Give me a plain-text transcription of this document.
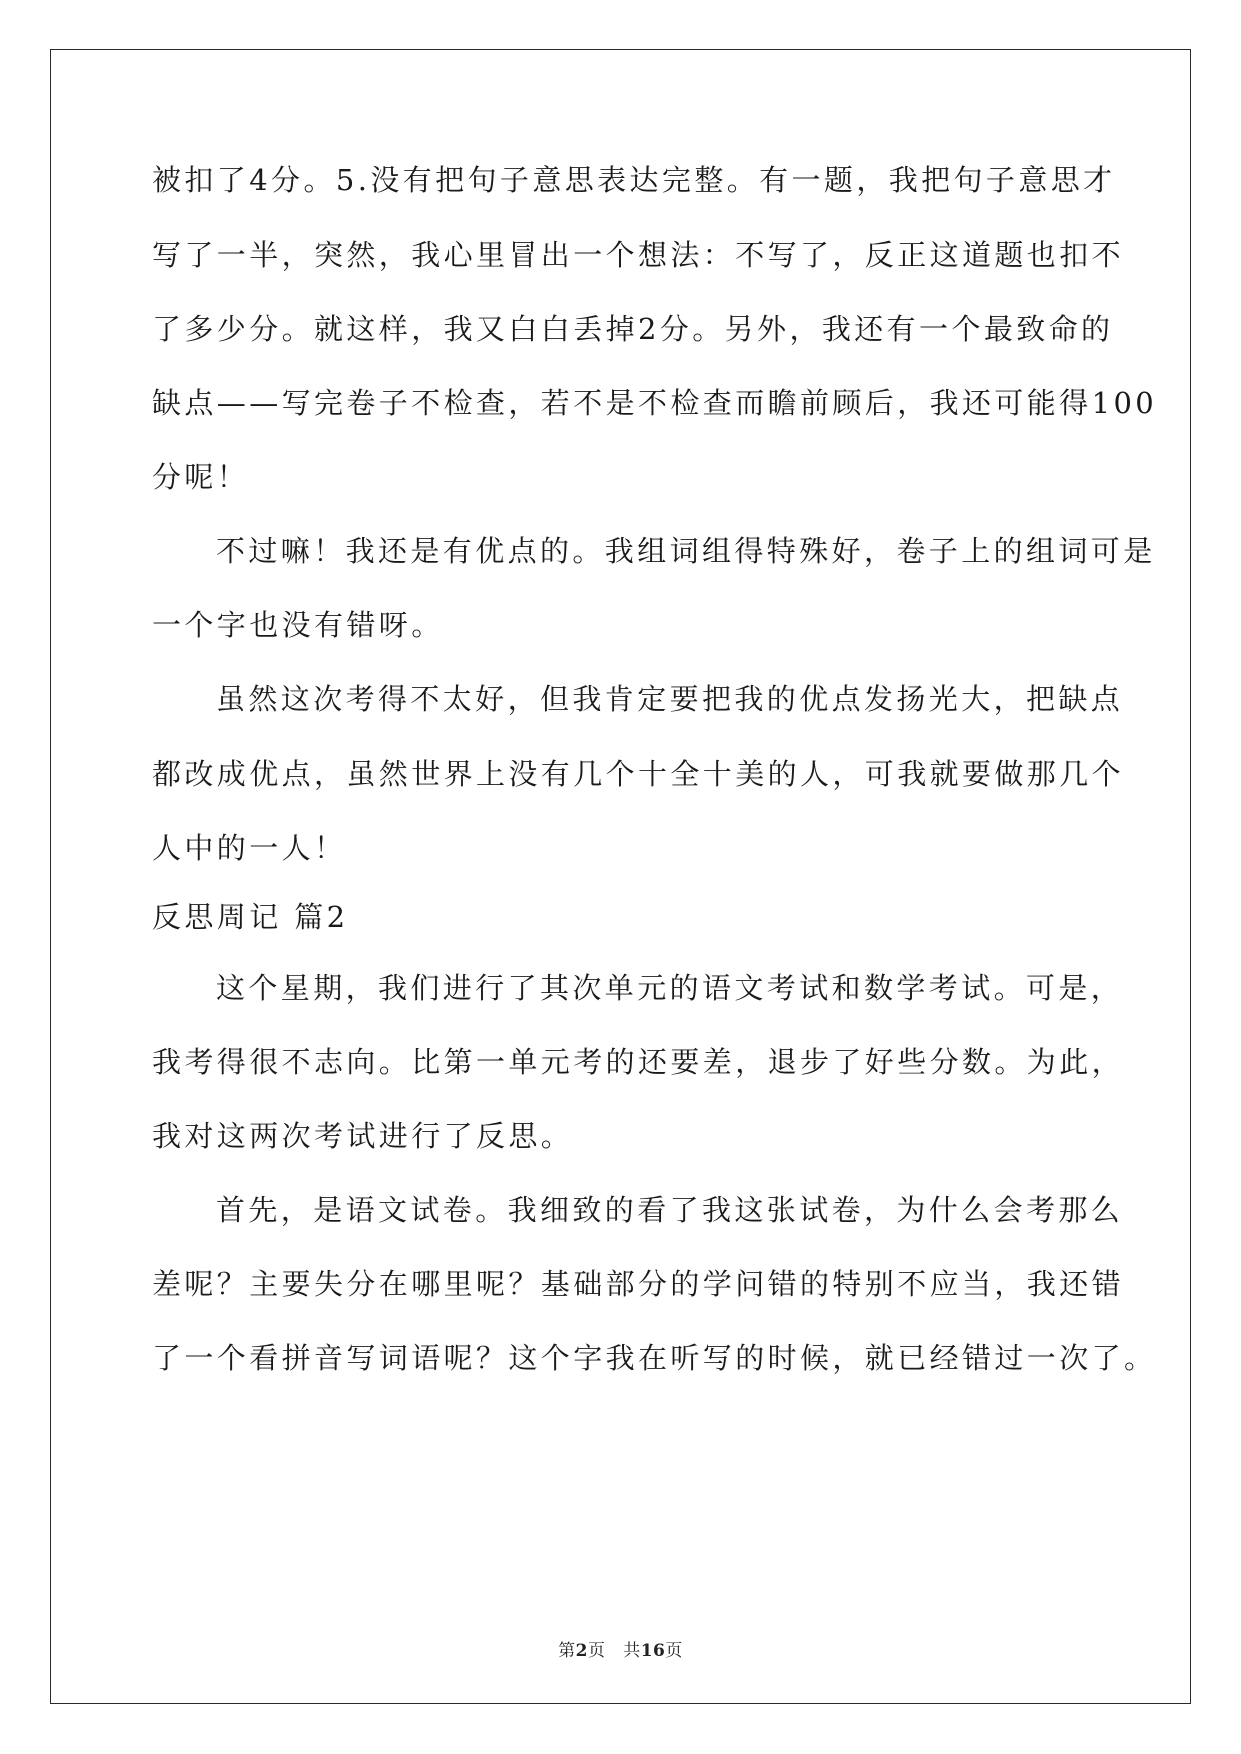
被扣了4分。5.没有把句子意思表达完整。有一题，我把句子意思才
写了一半，突然，我心里冒出一个想法：不写了，反正这道题也扣不
了多少分。就这样，我又白白丢掉2分。另外，我还有一个最致命的
缺点——写完卷子不检查，若不是不检查而瞻前顾后，我还可能得100
分呢！
不过嘛！我还是有优点的。我组词组得特殊好，卷子上的组词可是
一个字也没有错呀。
虽然这次考得不太好，但我肯定要把我的优点发扬光大，把缺点
都改成优点，虽然世界上没有几个十全十美的人，可我就要做那几个
人中的一人！
反思周记 篇2
这个星期，我们进行了其次单元的语文考试和数学考试。可是，
我考得很不志向。比第一单元考的还要差，退步了好些分数。为此，
我对这两次考试进行了反思。
首先，是语文试卷。我细致的看了我这张试卷，为什么会考那么
差呢？主要失分在哪里呢？基础部分的学问错的特别不应当，我还错
了一个看拼音写词语呢？这个字我在听写的时候，就已经错过一次了。
第2页 共16页
